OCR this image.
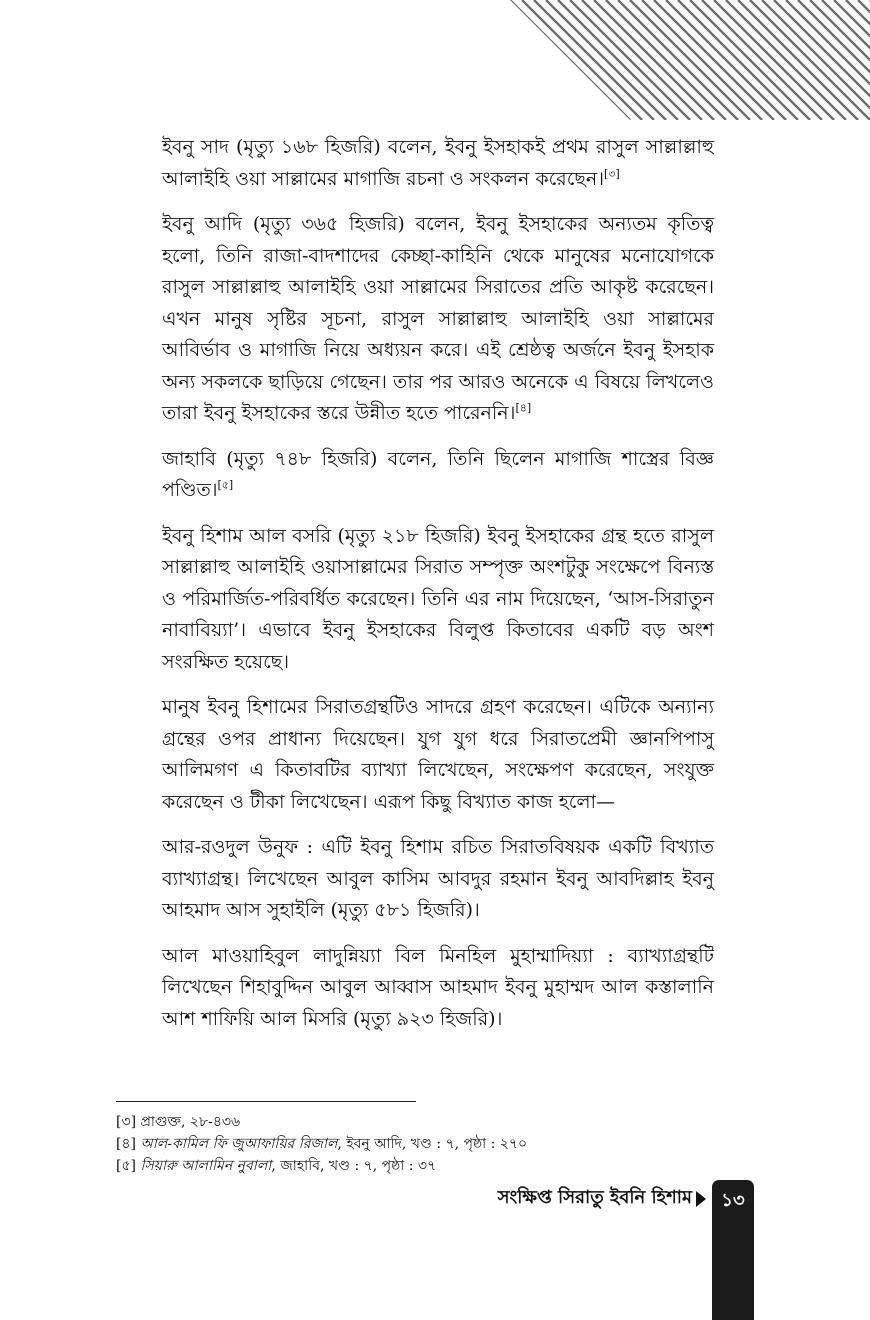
ইবনু সাদ (মৃত্যু ১৬৮ হিজরি) বলেন, ইবনু ইসহাকই প্রথম রাসুল সাল্লাল্লাহু আলাইহি ওয়া সাল্লামের মাগাজি রচনা ও সংকলন করেছেন।[৩]

ইবনু আদি (মৃত্যু ৩৬৫ হিজরি) বলেন, ইবনু ইসহাকের অন্যতম কৃতিত্ব হলো, তিনি রাজা-বাদশাদের কেচ্ছা-কাহিনি থেকে মানুষের মনোযোগকে রাসুল সাল্লাল্লাহু আলাইহি ওয়া সাল্লামের সিরাতের প্রতি আকৃষ্ট করেছেন। এখন মানুষ সৃষ্টির সূচনা, রাসুল সাল্লাল্লাহু আলাইহি ওয়া সাল্লামের আবির্ভাব ও মাগাজি নিয়ে অধ্যয়ন করে। এই শ্রেষ্ঠত্ব অর্জনে ইবনু ইসহাক অন্য সকলকে ছাড়িয়ে গেছেন। তার পর আরও অনেকে এ বিষয়ে লিখলেও তারা ইবনু ইসহাকের স্তরে উন্নীত হতে পারেননি।[৪]

জাহাবি (মৃত্যু ৭৪৮ হিজরি) বলেন, তিনি ছিলেন মাগাজি শাস্ত্রের বিজ্ঞ পণ্ডিত।[৫]

ইবনু হিশাম আল বসরি (মৃত্যু ২১৮ হিজরি) ইবনু ইসহাকের গ্রন্থ হতে রাসুল সাল্লাল্লাহু আলাইহি ওয়াসাল্লামের সিরাত সম্পৃক্ত অংশটুকু সংক্ষেপে বিন্যস্ত ও পরিমার্জিত-পরিবর্ধিত করেছেন। তিনি এর নাম দিয়েছেন, ‘আস-সিরাতুন নাবাবিয়্যা’। এভাবে ইবনু ইসহাকের বিলুপ্ত কিতাবের একটি বড় অংশ সংরক্ষিত হয়েছে।

মানুষ ইবনু হিশামের সিরাতগ্রন্থটিও সাদরে গ্রহণ করেছেন। এটিকে অন্যান্য গ্রন্থের ওপর প্রাধান্য দিয়েছেন। যুগ যুগ ধরে সিরাতপ্রেমী জ্ঞানপিপাসু আলিমগণ এ কিতাবটির ব্যাখ্যা লিখেছেন, সংক্ষেপণ করেছেন, সংযুক্ত করেছেন ও টীকা লিখেছেন। এরূপ কিছু বিখ্যাত কাজ হলো—

আর-রওদুল উনুফ : এটি ইবনু হিশাম রচিত সিরাতবিষয়ক একটি বিখ্যাত ব্যাখ্যাগ্রন্থ। লিখেছেন আবুল কাসিম আবদুর রহমান ইবনু আবদিল্লাহ ইবনু আহমাদ আস সুহাইলি (মৃত্যু ৫৮১ হিজরি)।

আল মাওয়াহিবুল লাদুন্নিয়্যা বিল মিনহিল মুহাম্মাদিয়্যা : ব্যাখ্যাগ্রন্থটি লিখেছেন শিহাবুদ্দিন আবুল আব্বাস আহমাদ ইবনু মুহাম্মদ আল কস্তালানি আশ শাফিয়ি আল মিসরি (মৃত্যু ৯২৩ হিজরি)।

[৩] প্রাগুক্ত, ২৮-৪৩৬

[৪] আল-কামিল ফি জুআফায়ির রিজাল, ইবনু আদি, খণ্ড : ৭, পৃষ্ঠা : ২৭০

[৫] সিয়ারু আলামিন নুবালা, জাহাবি, খণ্ড : ৭, পৃষ্ঠা : ৩৭

সংক্ষিপ্ত সিরাতু ইবনি হিশাম	১৩
